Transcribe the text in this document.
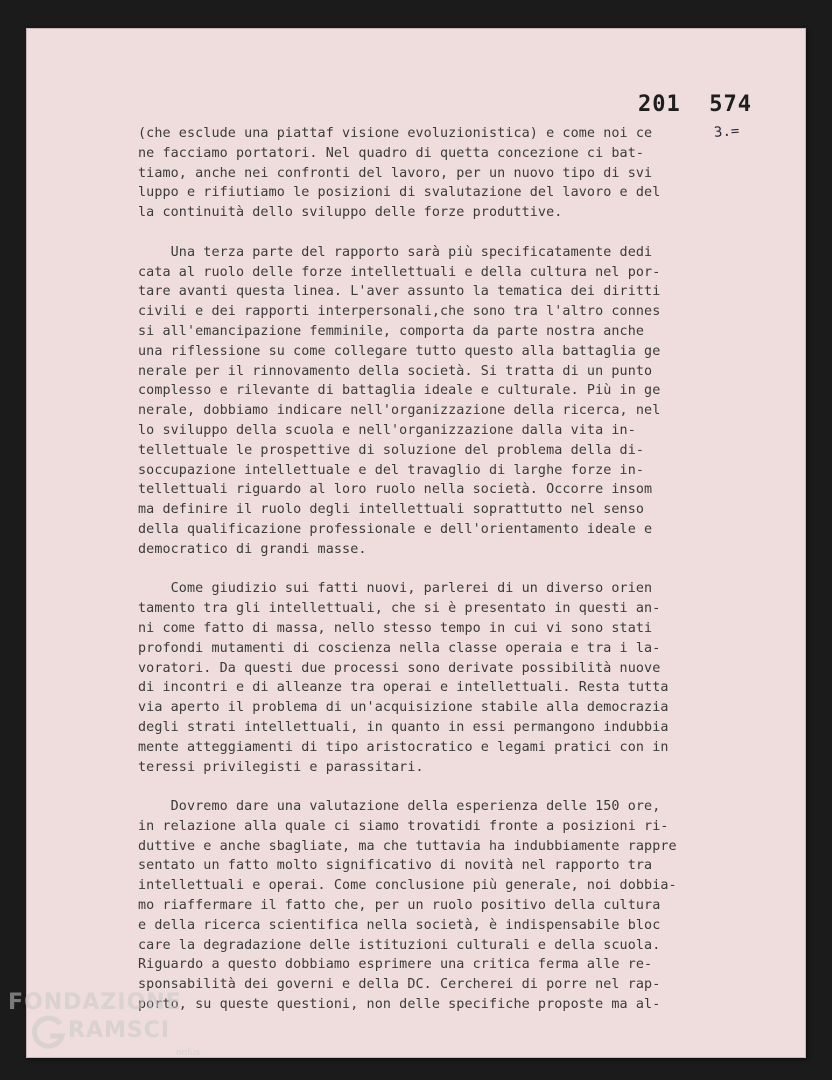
201  574
3.=

(che esclude una piattaf visione evoluzionistica) e come noi ce
ne facciamo portatori. Nel quadro di quetta concezione ci bat-
tiamo, anche nei confronti del lavoro, per un nuovo tipo di svi
luppo e rifiutiamo le posizioni di svalutazione del lavoro e del
la continuità dello sviluppo delle forze produttive.

Una terza parte del rapporto sarà più specificatamente dedi
cata al ruolo delle forze intellettuali e della cultura nel por-
tare avanti questa linea. L'aver assunto la tematica dei diritti
civili e dei rapporti interpersonali,che sono tra l'altro connes
si all'emancipazione femminile, comporta da parte nostra anche
una riflessione su come collegare tutto questo alla battaglia ge
nerale per il rinnovamento della società. Si tratta di un punto
complesso e rilevante di battaglia ideale e culturale. Più in ge
nerale, dobbiamo indicare nell'organizzazione della ricerca, nel
lo sviluppo della scuola e nell'organizzazione dalla vita in-
tellettuale le prospettive di soluzione del problema della di-
soccupazione intellettuale e del travaglio di larghe forze in-
tellettuali riguardo al loro ruolo nella società. Occorre insom
ma definire il ruolo degli intellettuali soprattutto nel senso
della qualificazione professionale e dell'orientamento ideale e
democratico di grandi masse.

Come giudizio sui fatti nuovi, parlerei di un diverso orien
tamento tra gli intellettuali, che si è presentato in questi an-
ni come fatto di massa, nello stesso tempo in cui vi sono stati
profondi mutamenti di coscienza nella classe operaia e tra i la-
voratori. Da questi due processi sono derivate possibilità nuove
di incontri e di alleanze tra operai e intellettuali. Resta tutta
via aperto il problema di un'acquisizione stabile alla democrazia
degli strati intellettuali, in quanto in essi permangono indubbia
mente atteggiamenti di tipo aristocratico e legami pratici con in
teressi privilegisti e parassitari.

Dovremo dare una valutazione della esperienza delle 150 ore,
in relazione alla quale ci siamo trovatidi fronte a posizioni ri-
duttive e anche sbagliate, ma che tuttavia ha indubbiamente rappre
sentato un fatto molto significativo di novità nel rapporto tra
intellettuali e operai. Come conclusione più generale, noi dobbia-
mo riaffermare il fatto che, per un ruolo positivo della cultura
e della ricerca scientifica nella società, è indispensabile bloc
care la degradazione delle istituzioni culturali e della scuola.
Riguardo a questo dobbiamo esprimere una critica ferma alle re-
sponsabilità dei governi e della DC. Cercherei di porre nel rap-
porto, su queste questioni, non delle specifiche proposte ma al-

FONDAZIONE
RAMSCI
onlus
